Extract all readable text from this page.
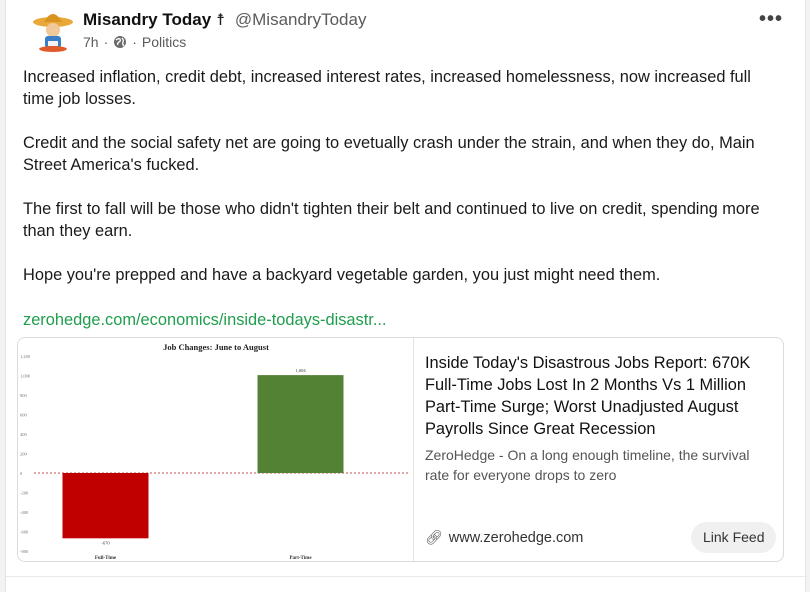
Misandry Today ☨ @MisandryToday
7h · · Politics
•••

Increased inflation, credit debt, increased interest rates, increased homelessness, now increased full time job losses.

Credit and the social safety net are going to evetually crash under the strain, and when they do, Main Street America's fucked.

The first to fall will be those who didn't tighten their belt and continued to live on credit, spending more than they earn.

Hope you're prepped and have a backyard vegetable garden, you just might need them.

zerohedge.com/economics/inside-todays-disastr...
Job Changes: June to August
1,200
1,000
800
600
400
200
0
-200
-400
-600
-800
-670
1,004
Full-Time	Part-Time
Inside Today's Disastrous Jobs Report: 670K Full-Time Jobs Lost In 2 Months Vs 1 Million Part-Time Surge; Worst Unadjusted August Payrolls Since Great Recession
ZeroHedge - On a long enough timeline, the survival rate for everyone drops to zero
🔗︎ www.zerohedge.com	Link Feed
